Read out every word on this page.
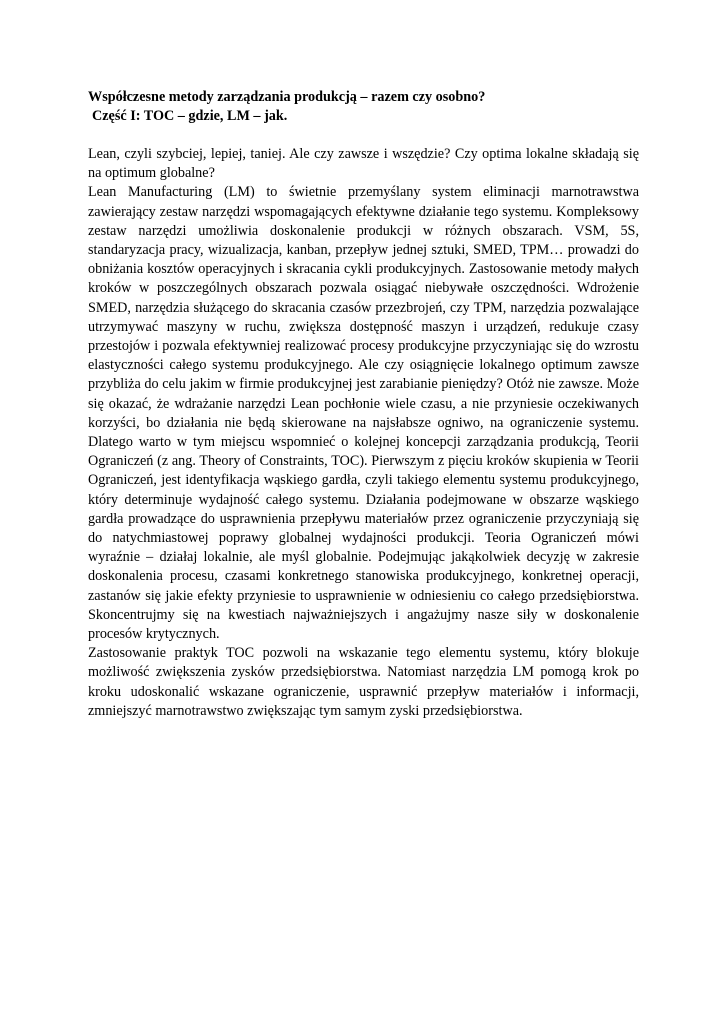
Współczesne metody zarządzania produkcją – razem czy osobno?

Część I: TOC – gdzie, LM – jak.

Lean, czyli szybciej, lepiej, taniej. Ale czy zawsze i wszędzie? Czy optima lokalne składają się na optimum globalne?

Lean Manufacturing (LM) to świetnie przemyślany system eliminacji marnotrawstwa zawierający zestaw narzędzi wspomagających efektywne działanie tego systemu. Kompleksowy zestaw narzędzi umożliwia doskonalenie produkcji w różnych obszarach. VSM, 5S, standaryzacja pracy, wizualizacja, kanban, przepływ jednej sztuki, SMED, TPM… prowadzi do obniżania kosztów operacyjnych i skracania cykli produkcyjnych. Zastosowanie metody małych kroków w poszczególnych obszarach pozwala osiągać niebywałe oszczędności. Wdrożenie SMED, narzędzia służącego do skracania czasów przezbrojeń, czy TPM, narzędzia pozwalające utrzymywać maszyny w ruchu, zwiększa dostępność maszyn i urządzeń, redukuje czasy przestojów i pozwala efektywniej realizować procesy produkcyjne przyczyniając się do wzrostu elastyczności całego systemu produkcyjnego. Ale czy osiągnięcie lokalnego optimum zawsze przybliża do celu jakim w firmie produkcyjnej jest zarabianie pieniędzy? Otóż nie zawsze. Może się okazać, że wdrażanie narzędzi Lean pochłonie wiele czasu, a nie przyniesie oczekiwanych korzyści, bo działania nie będą skierowane na najsłabsze ogniwo, na ograniczenie systemu. Dlatego warto w tym miejscu wspomnieć o kolejnej koncepcji zarządzania produkcją, Teorii Ograniczeń (z ang. Theory of Constraints, TOC). Pierwszym z pięciu kroków skupienia w Teorii Ograniczeń, jest identyfikacja wąskiego gardła, czyli takiego elementu systemu produkcyjnego, który determinuje wydajność całego systemu. Działania podejmowane w obszarze wąskiego gardła prowadzące do usprawnienia przepływu materiałów przez ograniczenie przyczyniają się do natychmiastowej poprawy globalnej wydajności produkcji. Teoria Ograniczeń mówi wyraźnie – działaj lokalnie, ale myśl globalnie. Podejmując jakąkolwiek decyzję w zakresie doskonalenia procesu, czasami konkretnego stanowiska produkcyjnego, konkretnej operacji, zastanów się jakie efekty przyniesie to usprawnienie w odniesieniu co całego przedsiębiorstwa. Skoncentrujmy się na kwestiach najważniejszych i angażujmy nasze siły w doskonalenie procesów krytycznych.

Zastosowanie praktyk TOC pozwoli na wskazanie tego elementu systemu, który blokuje możliwość zwiększenia zysków przedsiębiorstwa. Natomiast narzędzia LM pomogą krok po kroku udoskonalić wskazane ograniczenie, usprawnić przepływ materiałów i informacji, zmniejszyć marnotrawstwo zwiększając tym samym zyski przedsiębiorstwa.
